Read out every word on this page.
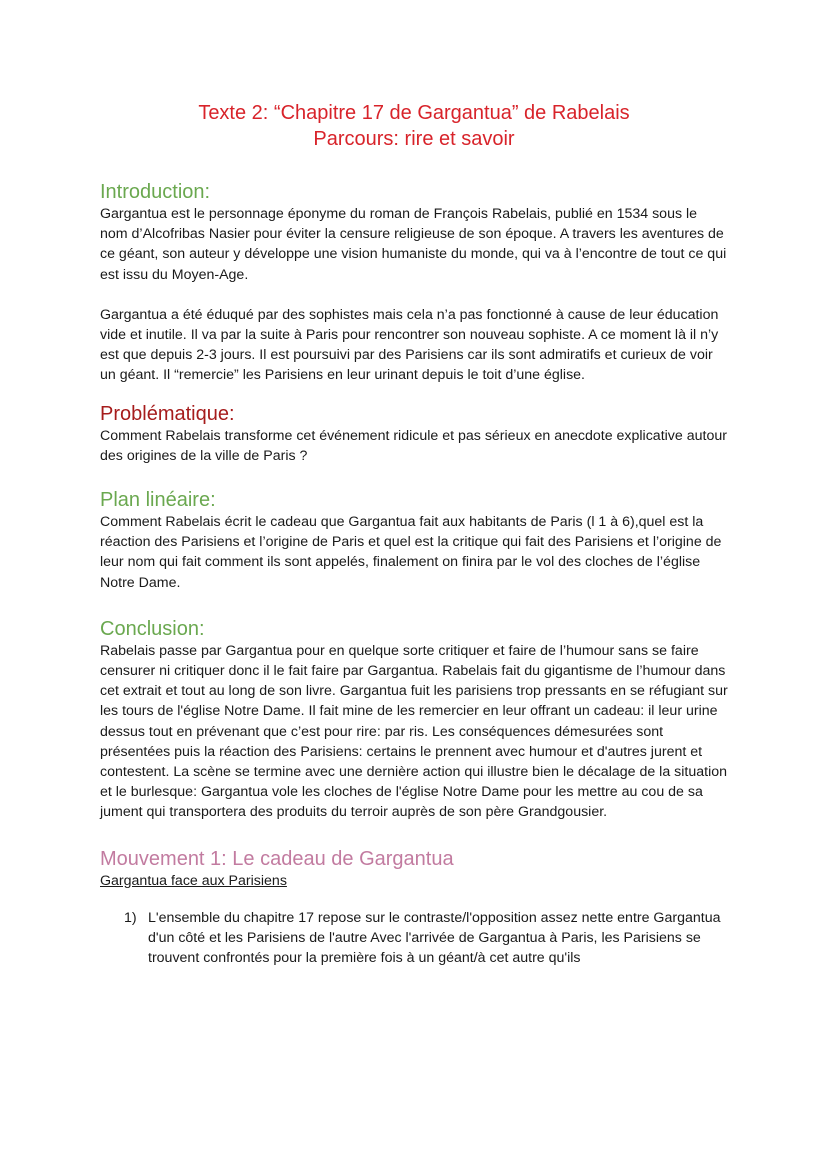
Texte 2: “Chapitre 17 de Gargantua” de Rabelais

Parcours: rire et savoir

Introduction:

Gargantua est le personnage éponyme du roman de François Rabelais, publié en 1534 sous le nom d’Alcofribas Nasier pour éviter la censure religieuse de son époque. A travers les aventures de ce géant, son auteur y développe une vision humaniste du monde, qui va à l’encontre de tout ce qui est issu du Moyen-Age.

Gargantua a été éduqué par des sophistes mais cela n’a pas fonctionné à cause de leur éducation vide et inutile. Il va par la suite à Paris pour rencontrer son nouveau sophiste. A ce moment là il n’y est que depuis 2-3 jours. Il est poursuivi par des Parisiens car ils sont admiratifs et curieux de voir un géant. Il “remercie” les Parisiens en leur urinant depuis le toit d’une église.

Problématique:

Comment Rabelais transforme cet événement ridicule et pas sérieux en anecdote explicative autour des origines de la ville de Paris ?

Plan linéaire:

Comment Rabelais écrit le cadeau que Gargantua fait aux habitants de Paris (l 1 à 6),quel est la réaction des Parisiens et l’origine de Paris et quel est la critique qui fait des Parisiens et l’origine de leur nom qui fait comment ils sont appelés, finalement on finira par le vol des cloches de l’église Notre Dame.

Conclusion:

Rabelais passe par Gargantua pour en quelque sorte critiquer et faire de l’humour sans se faire censurer ni critiquer donc il le fait faire par Gargantua. Rabelais fait du gigantisme de l’humour dans cet extrait et tout au long de son livre. Gargantua fuit les parisiens trop pressants en se réfugiant sur les tours de l'église Notre Dame. Il fait mine de les remercier en leur offrant un cadeau: il leur urine dessus tout en prévenant que c’est pour rire: par ris. Les conséquences démesurées sont présentées puis la réaction des Parisiens: certains le prennent avec humour et d'autres jurent et contestent. La scène se termine avec une dernière action qui illustre bien le décalage de la situation et le burlesque: Gargantua vole les cloches de l'église Notre Dame pour les mettre au cou de sa jument qui transportera des produits du terroir auprès de son père Grandgousier.

Mouvement 1: Le cadeau de Gargantua

Gargantua face aux Parisiens

1) L'ensemble du chapitre 17 repose sur le contraste/l'opposition assez nette entre Gargantua d'un côté et les Parisiens de l'autre Avec l'arrivée de Gargantua à Paris, les Parisiens se trouvent confrontés pour la première fois à un géant/à cet autre qu'ils
